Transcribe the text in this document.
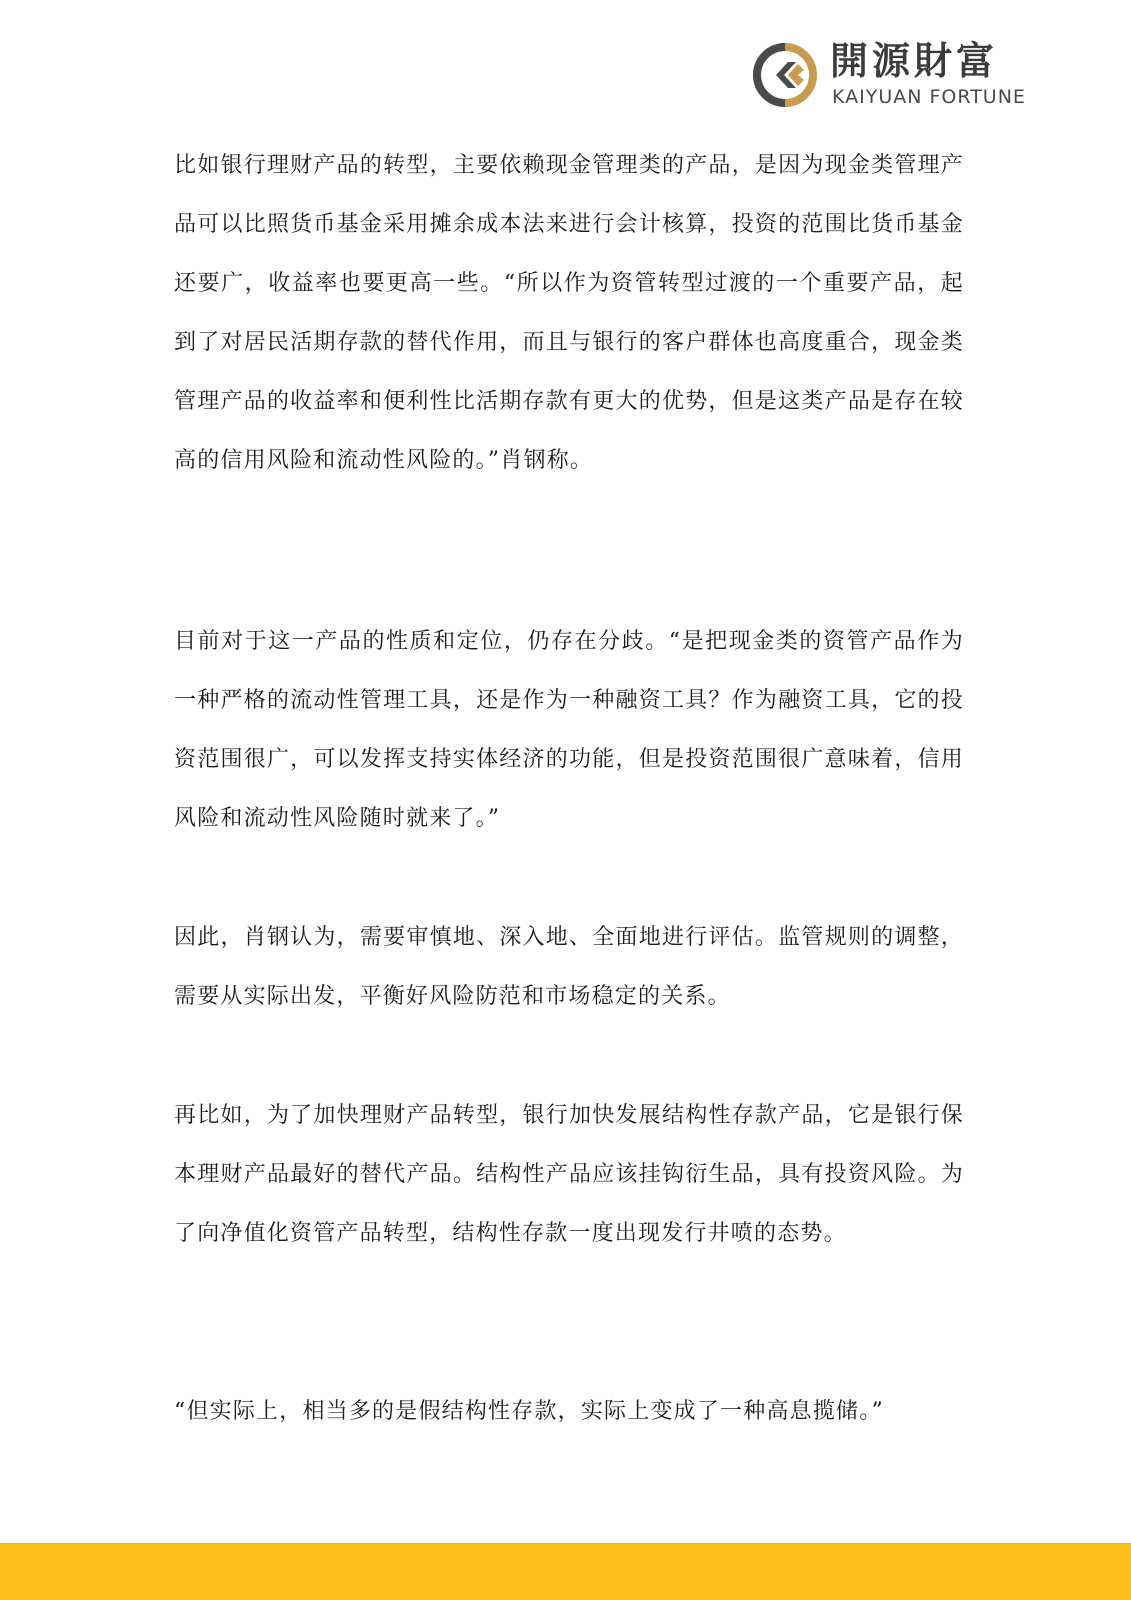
開源財富
KAIYUAN FORTUNE

比如银行理财产品的转型，主要依赖现金管理类的产品，是因为现金类管理产品可以比照货币基金采用摊余成本法来进行会计核算，投资的范围比货币基金还要广，收益率也要更高一些。“所以作为资管转型过渡的一个重要产品，起到了对居民活期存款的替代作用，而且与银行的客户群体也高度重合，现金类管理产品的收益率和便利性比活期存款有更大的优势，但是这类产品是存在较高的信用风险和流动性风险的。”肖钢称。

目前对于这一产品的性质和定位，仍存在分歧。“是把现金类的资管产品作为一种严格的流动性管理工具，还是作为一种融资工具？作为融资工具，它的投资范围很广，可以发挥支持实体经济的功能，但是投资范围很广意味着，信用风险和流动性风险随时就来了。”

因此，肖钢认为，需要审慎地、深入地、全面地进行评估。监管规则的调整，需要从实际出发，平衡好风险防范和市场稳定的关系。

再比如，为了加快理财产品转型，银行加快发展结构性存款产品，它是银行保本理财产品最好的替代产品。结构性产品应该挂钩衍生品，具有投资风险。为了向净值化资管产品转型，结构性存款一度出现发行井喷的态势。

“但实际上，相当多的是假结构性存款，实际上变成了一种高息揽储。”
